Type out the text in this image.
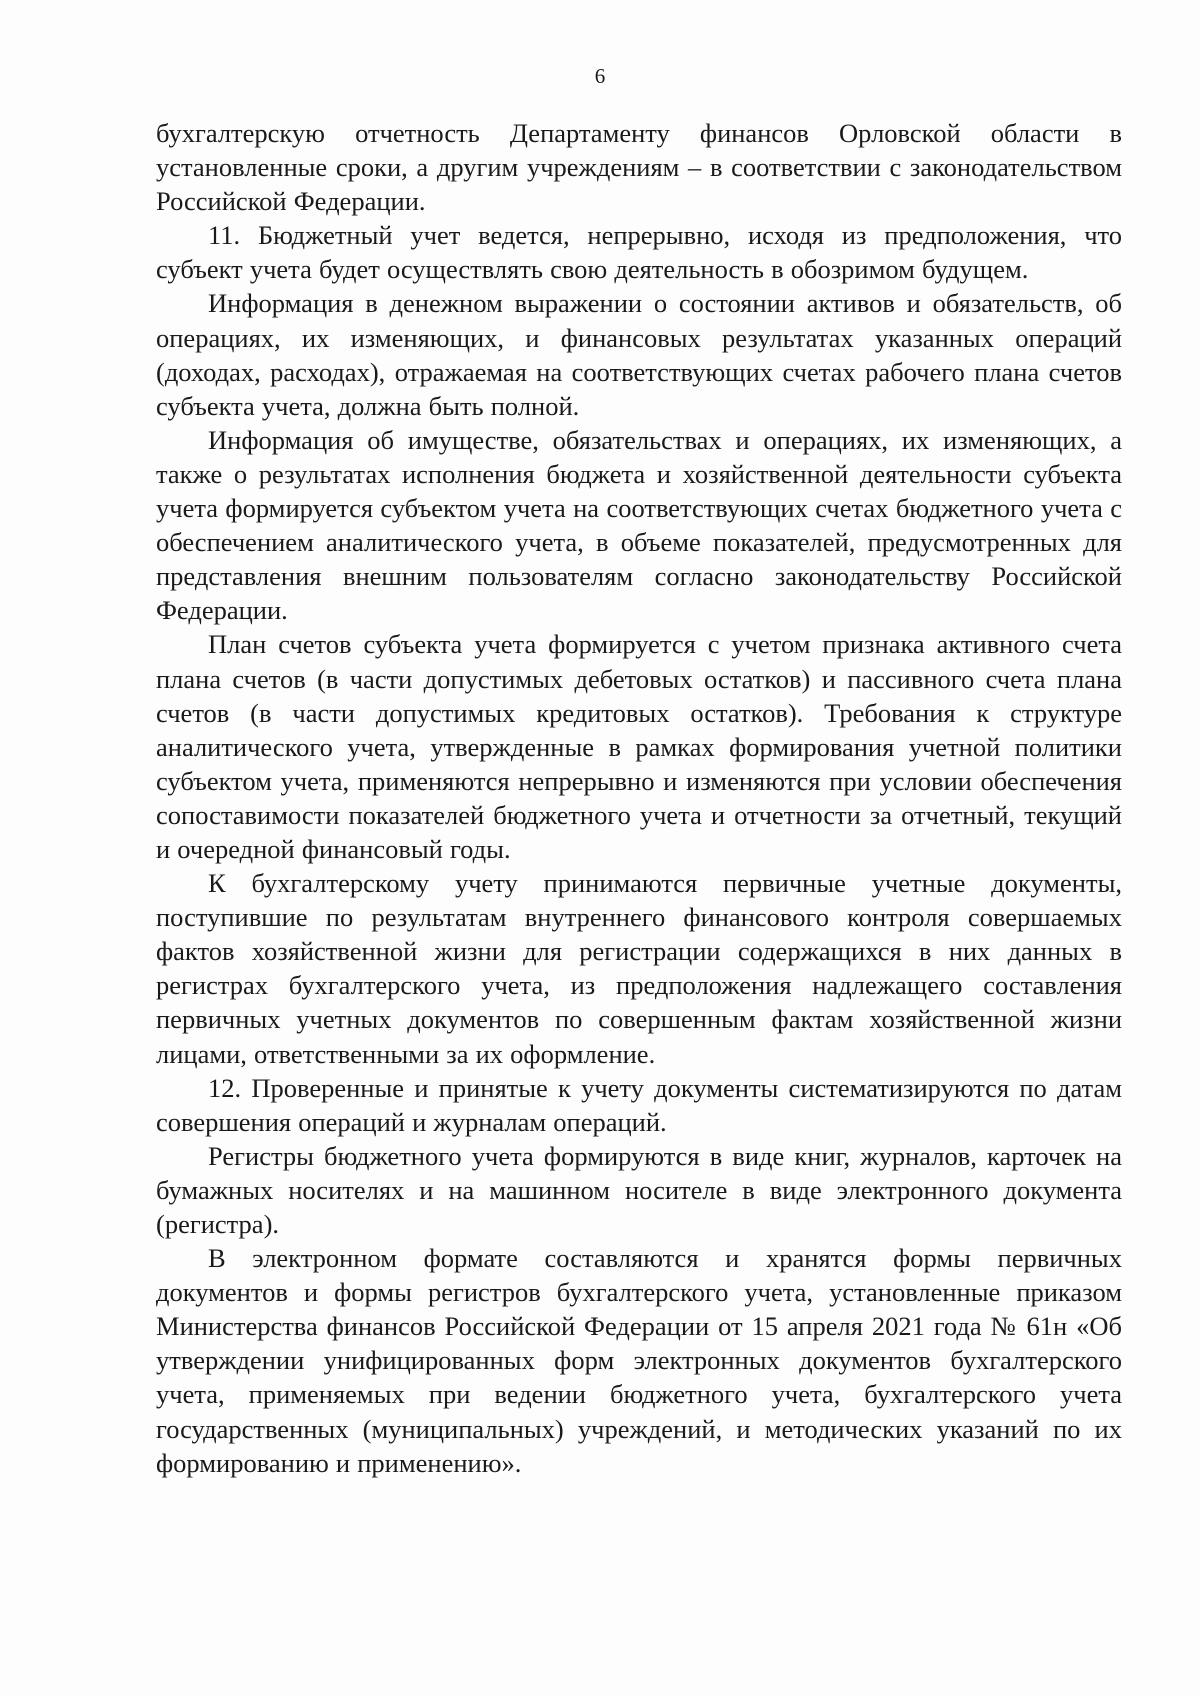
6

бухгалтерскую отчетность Департаменту финансов Орловской области в установленные сроки, а другим учреждениям – в соответствии с законодательством Российской Федерации.

11. Бюджетный учет ведется, непрерывно, исходя из предположения, что субъект учета будет осуществлять свою деятельность в обозримом будущем.

Информация в денежном выражении о состоянии активов и обязательств, об операциях, их изменяющих, и финансовых результатах указанных операций (доходах, расходах), отражаемая на соответствующих счетах рабочего плана счетов субъекта учета, должна быть полной.

Информация об имуществе, обязательствах и операциях, их изменяющих, а также о результатах исполнения бюджета и хозяйственной деятельности субъекта учета формируется субъектом учета на соответствующих счетах бюджетного учета с обеспечением аналитического учета, в объеме показателей, предусмотренных для представления внешним пользователям согласно законодательству Российской Федерации.

План счетов субъекта учета формируется с учетом признака активного счета плана счетов (в части допустимых дебетовых остатков) и пассивного счета плана счетов (в части допустимых кредитовых остатков). Требования к структуре аналитического учета, утвержденные в рамках формирования учетной политики субъектом учета, применяются непрерывно и изменяются при условии обеспечения сопоставимости показателей бюджетного учета и отчетности за отчетный, текущий и очередной финансовый годы.

К бухгалтерскому учету принимаются первичные учетные документы, поступившие по результатам внутреннего финансового контроля совершаемых фактов хозяйственной жизни для регистрации содержащихся в них данных в регистрах бухгалтерского учета, из предположения надлежащего составления первичных учетных документов по совершенным фактам хозяйственной жизни лицами, ответственными за их оформление.

12. Проверенные и принятые к учету документы систематизируются по датам совершения операций и журналам операций.

Регистры бюджетного учета формируются в виде книг, журналов, карточек на бумажных носителях и на машинном носителе в виде электронного документа (регистра).

В электронном формате составляются и хранятся формы первичных документов и формы регистров бухгалтерского учета, установленные приказом Министерства финансов Российской Федерации от 15 апреля 2021 года № 61н «Об утверждении унифицированных форм электронных документов бухгалтерского учета, применяемых при ведении бюджетного учета, бухгалтерского учета государственных (муниципальных) учреждений, и методических указаний по их формированию и применению».
